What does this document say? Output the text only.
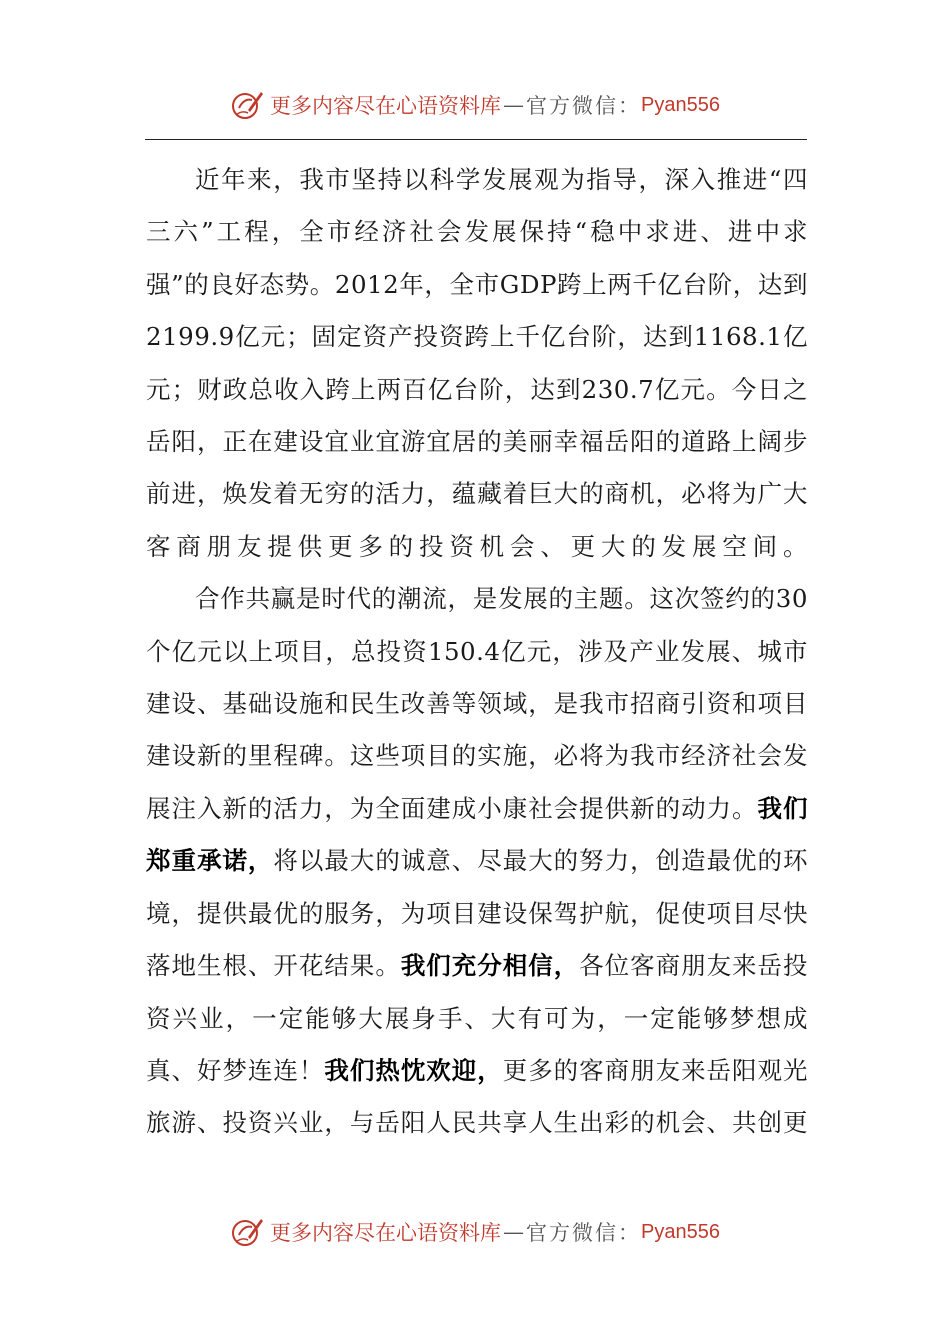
更多内容尽在心语资料库 — 官方微信： Pyan556

近年来，我市坚持以科学发展观为指导，深入推进“四三六”工程，全市经济社会发展保持“稳中求进、进中求强”的良好态势。2012年，全市GDP跨上两千亿台阶，达到2199.9亿元；固定资产投资跨上千亿台阶，达到1168.1亿元；财政总收入跨上两百亿台阶，达到230.7亿元。今日之岳阳，正在建设宜业宜游宜居的美丽幸福岳阳的道路上阔步前进，焕发着无穷的活力，蕴藏着巨大的商机，必将为广大客商朋友提供更多的投资机会、更大的发展空间。

合作共赢是时代的潮流，是发展的主题。这次签约的30个亿元以上项目，总投资150.4亿元，涉及产业发展、城市建设、基础设施和民生改善等领域，是我市招商引资和项目建设新的里程碑。这些项目的实施，必将为我市经济社会发展注入新的活力，为全面建成小康社会提供新的动力。我们郑重承诺，将以最大的诚意、尽最大的努力，创造最优的环境，提供最优的服务，为项目建设保驾护航，促使项目尽快落地生根、开花结果。我们充分相信，各位客商朋友来岳投资兴业，一定能够大展身手、大有可为，一定能够梦想成真、好梦连连！我们热忱欢迎，更多的客商朋友来岳阳观光旅游、投资兴业，与岳阳人民共享人生出彩的机会、共创更

更多内容尽在心语资料库 — 官方微信： Pyan556
